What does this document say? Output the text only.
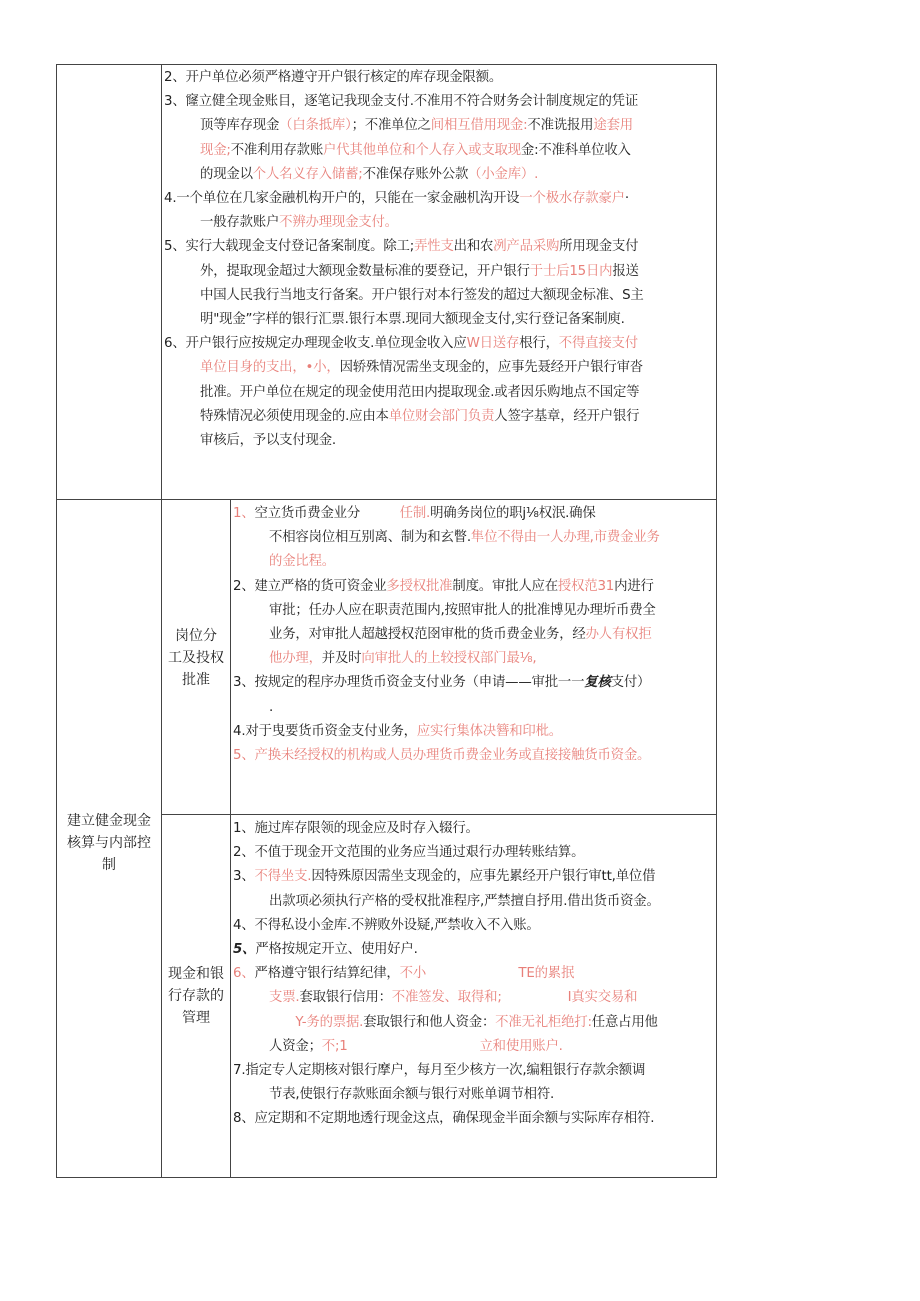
2、开户单位必须严格遵守开户银行核定的库存现金限额。

3、窿立健全现金账目，逐笔记我现金支付.不准用不符合财务会计制度规定的凭证

顶等库存现金（白条抵库）；不准单位之间相互借用现金:不准诜报用途套用

现金;不准利用存款账户代其他单位和个人存入或支取现金:不准科单位收入

的现金以个人名义存入储蓄;不准保存账外公款（小金库）.

4.一个单位在几家金融机构开户的，只能在一家金融机沟开设一个极水存款豪户·

一般存款账户不辨办理现金支付。

5、实行大载现金支付登记备案制度。除工;弄性支出和农冽产品采购所用现金支付

外，提取现金超过大额现金数量标准的要登记，开户银行于士后15日内报送

中国人民我行当地支行备案。开户银行对本行签发的超过大额现金标准、S主

明"现金”字样的银行汇票.银行本票.现同大额现金支付,实行登记备案制庾.

6、开户银行应按规定办理现金收支.单位现金收入应W日送存根行，不得直接支付

单位目身的支出，•小，因轿殊情况需坐支现金的，应事先聂经开户银行审沓

批准。开户单位在规定的现金使用范田内提取现金.或者因乐购地点不国定等

特殊情况必须使用现金的.应由本单位财会部门负责人签字基章，经开户银行

审核后，予以支付现金.

建立健金现金
核算与内部控
制
岗位分
工及投权
批准

1、空立货币费金业分　　　任制.明确务岗位的职j⅛权泯.确保

不相容岗位相互别离、制为和玄瞥.隼位不得由一人办理,市费金业务

的金比程。

2、建立严格的货可资金业多授权批准制度。审批人应在授权范31内进行

审批；任办人应在职责范围内,按照审批人的批准博见办理圻币费全

业务，对审批人超越授权范囹审枇的货币费金业务，经办人有权拒

他办理，并及时向审批人的上较授权部门最⅛,

3、按规定的程序办理货币资金支付业务（申请——审批一一复核支付）

.

4.对于曳要货币资金支付业务，应实行集体决簪和印枇。

5、产换未经授权的机构或人员办理货币费金业务或直接接触货币资金。

现金和银
行存款的
管理

1、施过库存限领的现金应及时存入辍行。

2、不值于现金开文范围的业务应当通过艰行办理转账结算。

3、不得坐支.因特殊原因需坐支现金的，应事先累经开户银行审tt,单位借

出款项必须执行产格的受权批准程序,严禁擅自抒用.借出货币资金。

4、不得私设小金库.不辨败外设疑,严禁收入不入账。

5、严格按规定开立、使用好户.

6、严格遵守银行结算纪律，不小　　　　　　　TE的累抿

支票.套取银行信用：不准签发、取得和;　　　　　I真实交易和

　　Y-务的票据.套取银行和他人资金：不准无礼柜绝打:任意占用他

人资金；不;1　　　　　　　　　　立和使用账户.

7.指定专人定期核对银行摩户，每月至少核方一次,编粗银行存款余额调

节表,使银行存款账面余额与银行对账单调节相符.

8、应定期和不定期地透行现金这点，确保现金半面余额与实际库存相符.
